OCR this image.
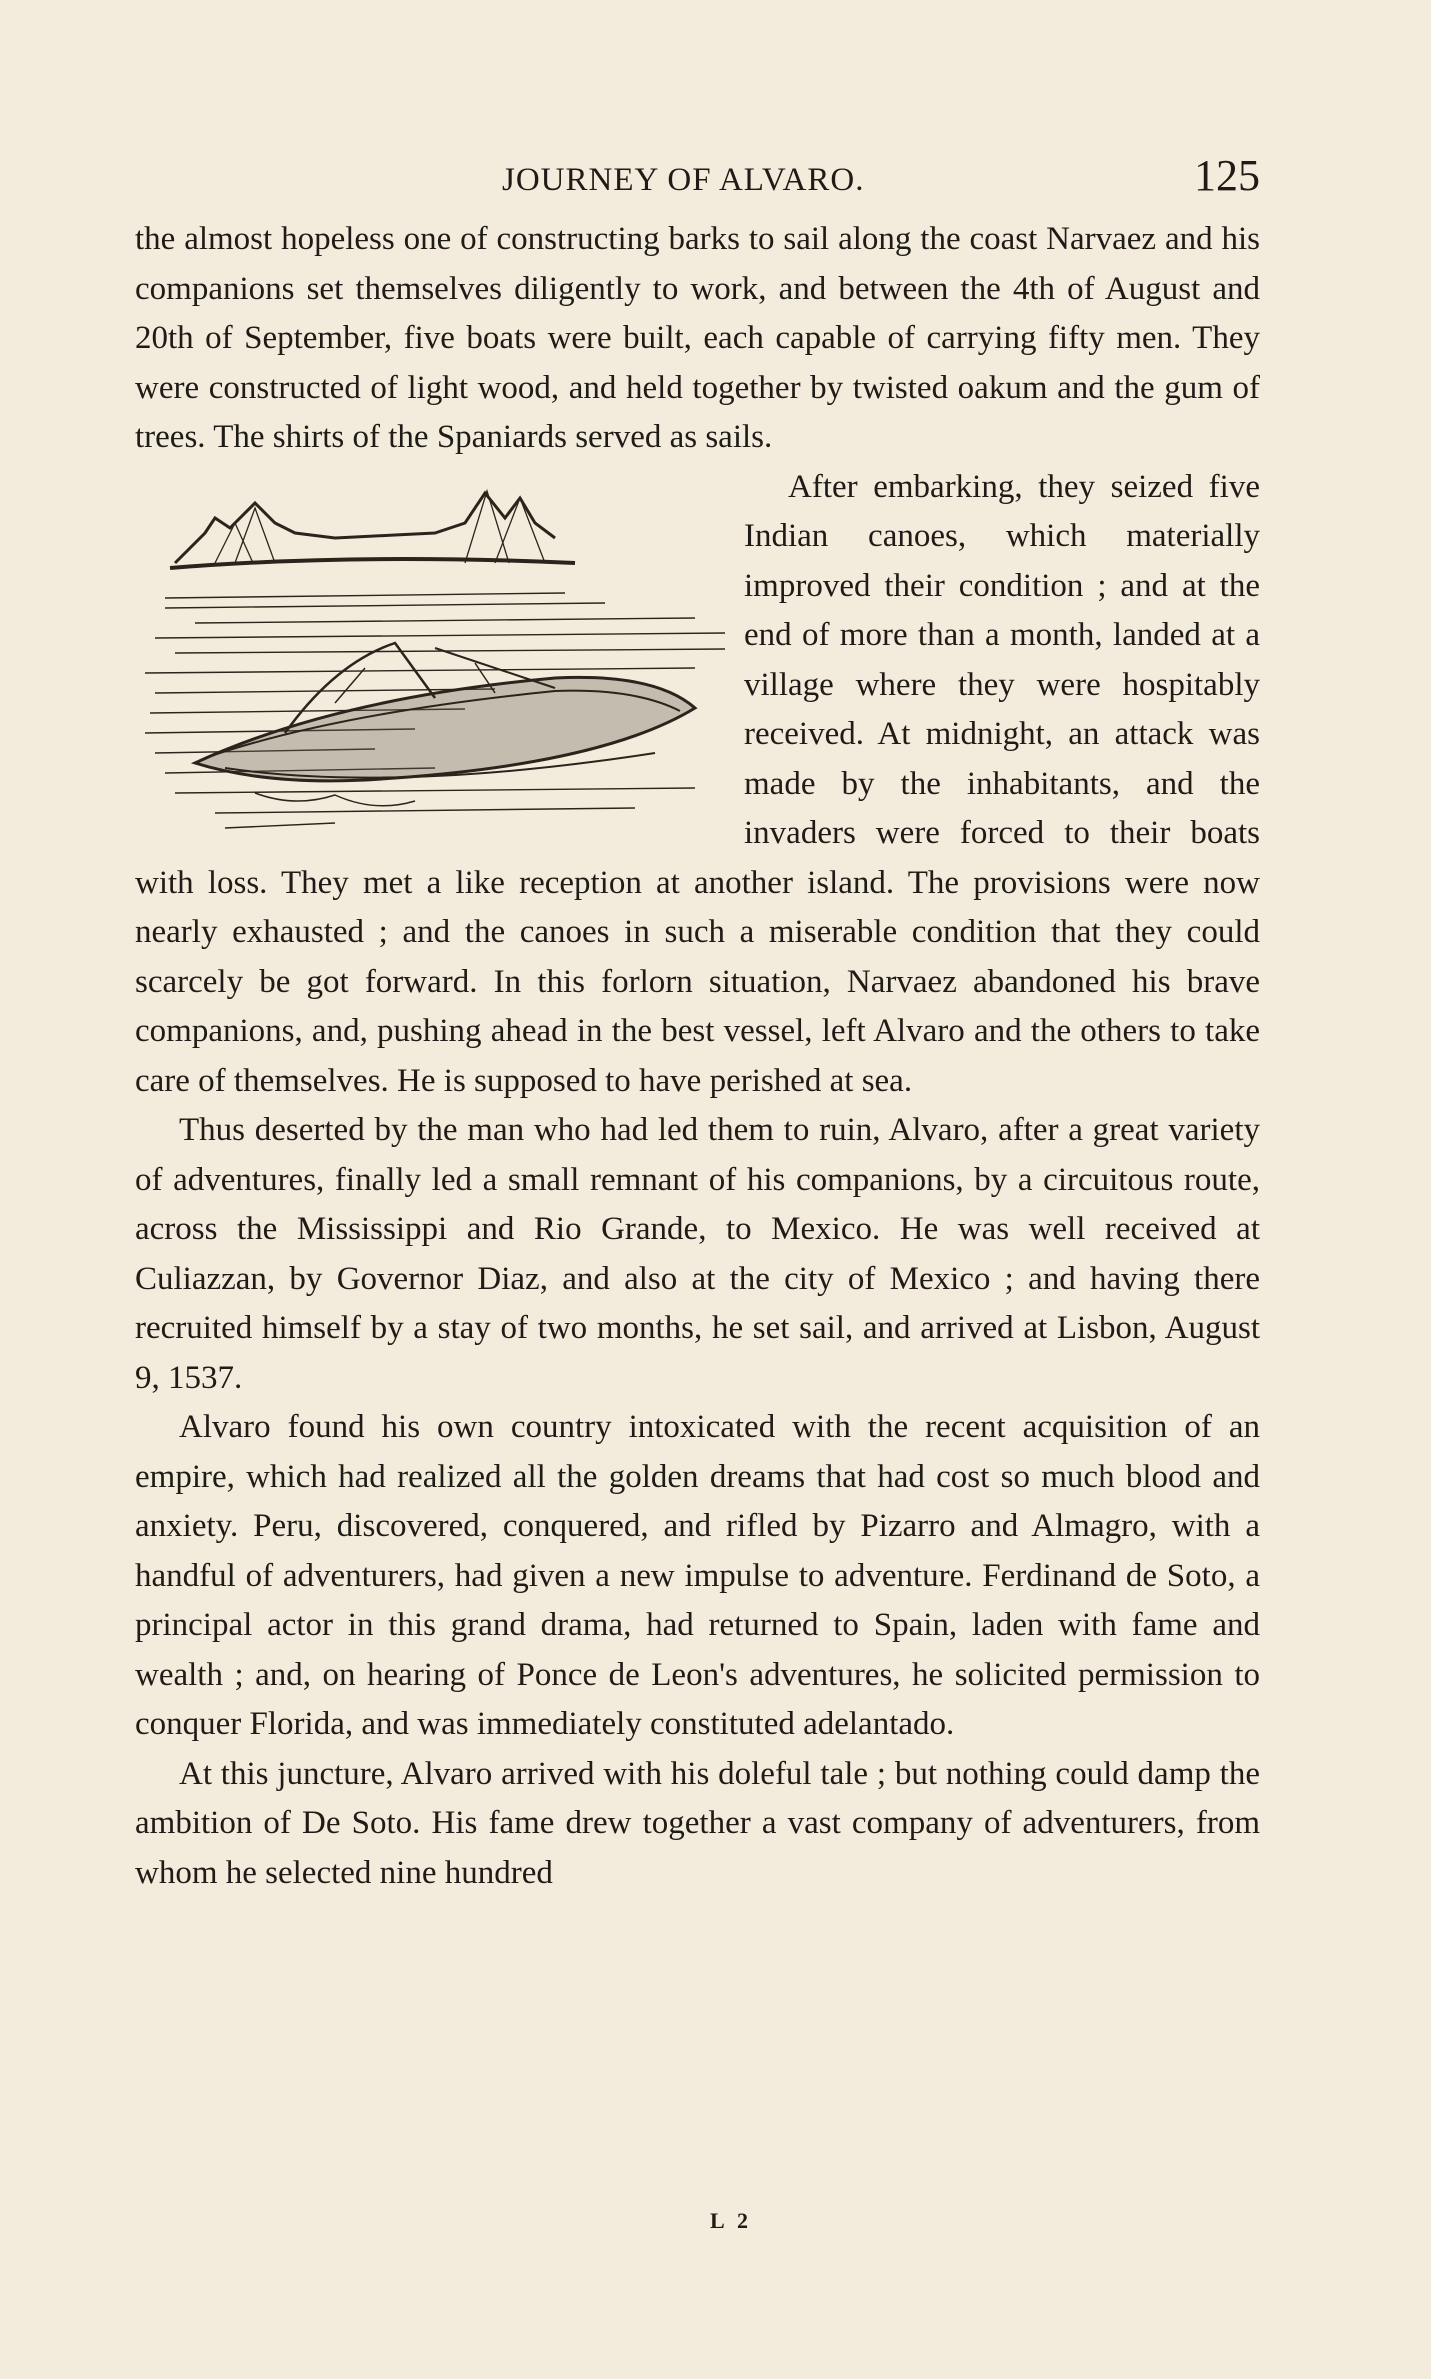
JOURNEY OF ALVARO.	125

the almost hopeless one of constructing barks to sail along the coast Narvaez and his companions set themselves diligently to work, and between the 4th of August and 20th of September, five boats were built, each capable of carrying fifty men. They were constructed of light wood, and held together by twisted oakum and the gum of trees. The shirts of the Spaniards served as sails.

After embarking, they seized five Indian canoes, which materially improved their condition ; and at the end of more than a month, landed at a village where they were hospitably received. At midnight, an attack was made by the inhabitants, and the invaders were forced to their boats with loss. They met a like reception at another island. The provisions were now nearly exhausted ; and the canoes in such a miserable condition that they could scarcely be got forward. In this forlorn situation, Narvaez abandoned his brave companions, and, pushing ahead in the best vessel, left Alvaro and the others to take care of themselves. He is supposed to have perished at sea.

Thus deserted by the man who had led them to ruin, Alvaro, after a great variety of adventures, finally led a small remnant of his companions, by a circuitous route, across the Mississippi and Rio Grande, to Mexico. He was well received at Culiazzan, by Governor Diaz, and also at the city of Mexico ; and having there recruited himself by a stay of two months, he set sail, and arrived at Lisbon, August 9, 1537.

Alvaro found his own country intoxicated with the recent acquisition of an empire, which had realized all the golden dreams that had cost so much blood and anxiety. Peru, discovered, conquered, and rifled by Pizarro and Almagro, with a handful of adventurers, had given a new impulse to adventure. Ferdinand de Soto, a principal actor in this grand drama, had returned to Spain, laden with fame and wealth ; and, on hearing of Ponce de Leon's adventures, he solicited permission to conquer Florida, and was immediately constituted adelantado.

At this juncture, Alvaro arrived with his doleful tale ; but nothing could damp the ambition of De Soto. His fame drew together a vast company of adventurers, from whom he selected nine hundred

L 2
